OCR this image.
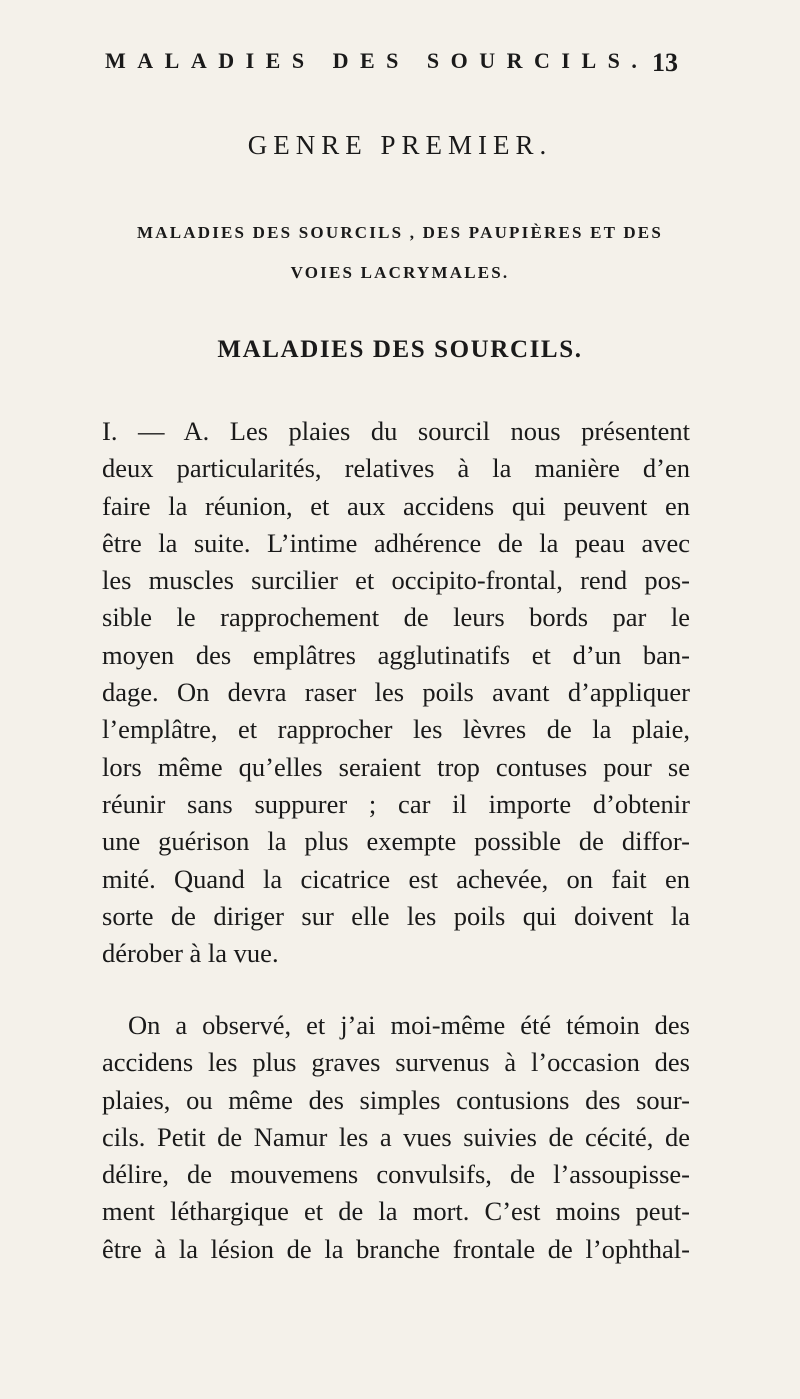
MALADIES DES SOURCILS. 13
GENRE PREMIER.
MALADIES DES SOURCILS , DES PAUPIÈRES ET DES
VOIES LACRYMALES.
MALADIES DES SOURCILS.
I. — A. Les plaies du sourcil nous présentent
deux particularités, relatives à la manière d’en
faire la réunion, et aux accidens qui peuvent en
être la suite. L’intime adhérence de la peau avec
les muscles surcilier et occipito-frontal, rend pos-
sible le rapprochement de leurs bords par le
moyen des emplâtres agglutinatifs et d’un ban-
dage. On devra raser les poils avant d’appliquer
l’emplâtre, et rapprocher les lèvres de la plaie,
lors même qu’elles seraient trop contuses pour se
réunir sans suppurer ; car il importe d’obtenir
une guérison la plus exempte possible de diffor-
mité. Quand la cicatrice est achevée, on fait en
sorte de diriger sur elle les poils qui doivent la
dérober à la vue.
On a observé, et j’ai moi-même été témoin des
accidens les plus graves survenus à l’occasion des
plaies, ou même des simples contusions des sour-
cils. Petit de Namur les a vues suivies de cécité, de
délire, de mouvemens convulsifs, de l’assoupisse-
ment léthargique et de la mort. C’est moins peut-
être à la lésion de la branche frontale de l’ophthal-
